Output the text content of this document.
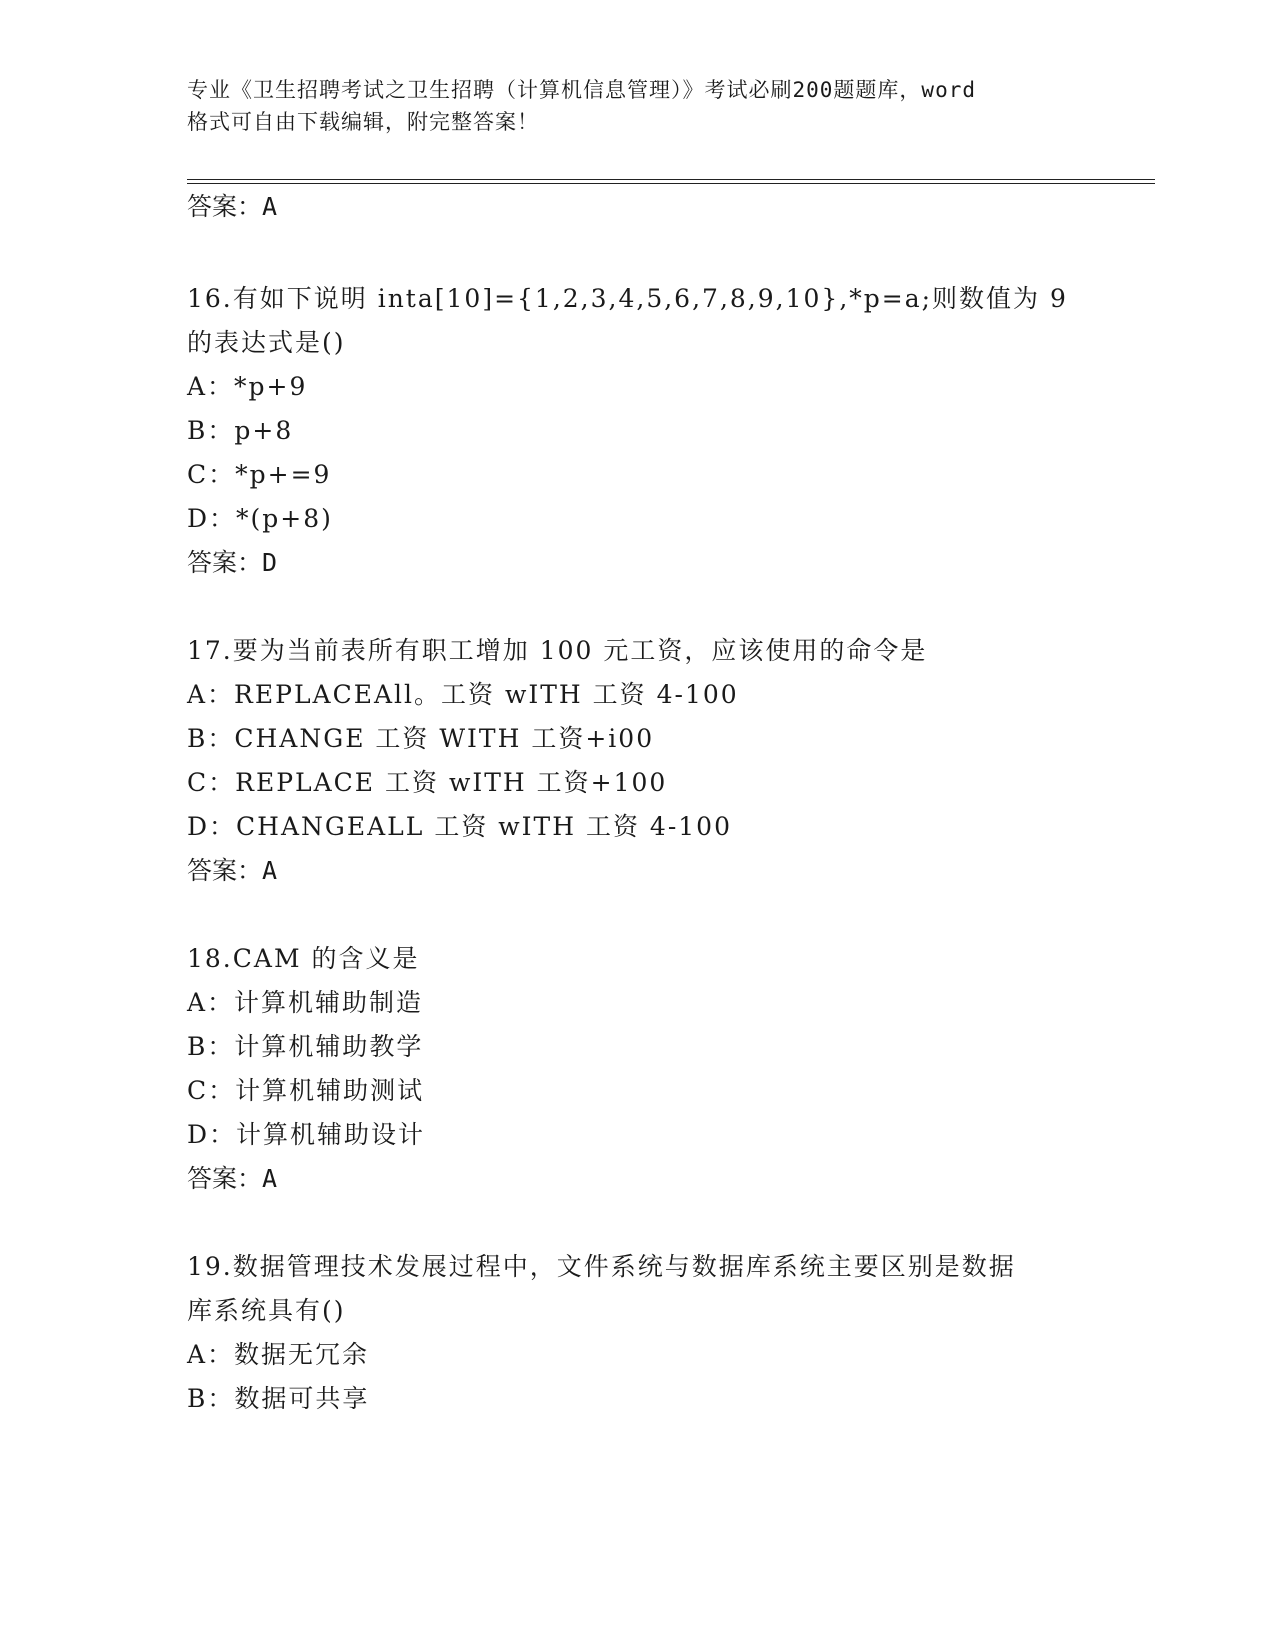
专业《卫生招聘考试之卫生招聘（计算机信息管理）》考试必刷200题题库，word
格式可自由下载编辑，附完整答案！
答案：A
16.有如下说明 inta[10]={1,2,3,4,5,6,7,8,9,10},*p=a;则数值为 9
的表达式是()
A：*p+9
B：p+8
C：*p+=9
D：*(p+8)
答案：D
17.要为当前表所有职工增加 100 元工资，应该使用的命令是
A：REPLACEAll。工资 wITH 工资 4-100
B：CHANGE 工资 WITH 工资+i00
C：REPLACE 工资 wITH 工资+100
D：CHANGEALL 工资 wITH 工资 4-100
答案：A
18.CAM 的含义是
A：计算机辅助制造
B：计算机辅助教学
C：计算机辅助测试
D：计算机辅助设计
答案：A
19.数据管理技术发展过程中，文件系统与数据库系统主要区别是数据
库系统具有()
A：数据无冗余
B：数据可共享
